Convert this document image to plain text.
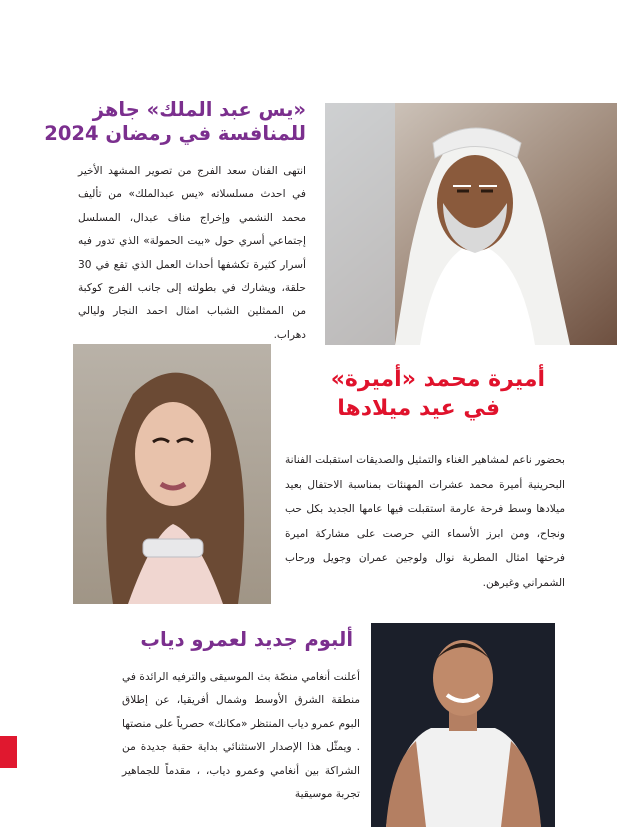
«يس عبد الملك» جاهز
للمنافسة في رمضان 2024

انتهى الفنان سعد الفرج من تصوير المشهد الأخير في احدث مسلسلاته «يس عبدالملك» من تأليف محمد النشمي وإخراج مناف عبدال، المسلسل إجتماعي أسري حول «بيت الحمولة» الذي تدور فيه أسرار كثيرة تكشفها أحداث العمل الذي تقع في 30 حلقة، ويشارك في بطولته إلى جانب الفرج كوكبة من الممثلين الشباب امثال احمد النجار وليالي دهراب.

أميرة محمد «أميرة»
في عيد ميلادها

بحضور ناعم لمشاهير الغناء والتمثيل والصديقات استقبلت الفنانة البحرينية أميرة محمد عشرات المهنئات بمناسبة الاحتفال بعيد ميلادها وسط فرحة عارمة استقبلت فيها عامها الجديد بكل حب ونجاح، ومن ابرز الأسماء التي حرصت على مشاركة اميرة فرحتها امثال المطربة نوال ولوجين عمران وجويل ورحاب الشمراني وغيرهن.

ألبوم جديد لعمرو دياب

أعلنت أنغامي منصّة بث الموسيقى والترفيه الرائدة في منطقة الشرق الأوسط وشمال أفريقيا، عن إطلاق البوم عمرو دياب المنتظر «مكانك» حصرياً على منصتها . ويمثّل هذا الإصدار الاستثنائي بداية حقبة جديدة من الشراكة بين أنغامي وعمرو دياب، ، مقدماً للجماهير تجربة موسيقية
